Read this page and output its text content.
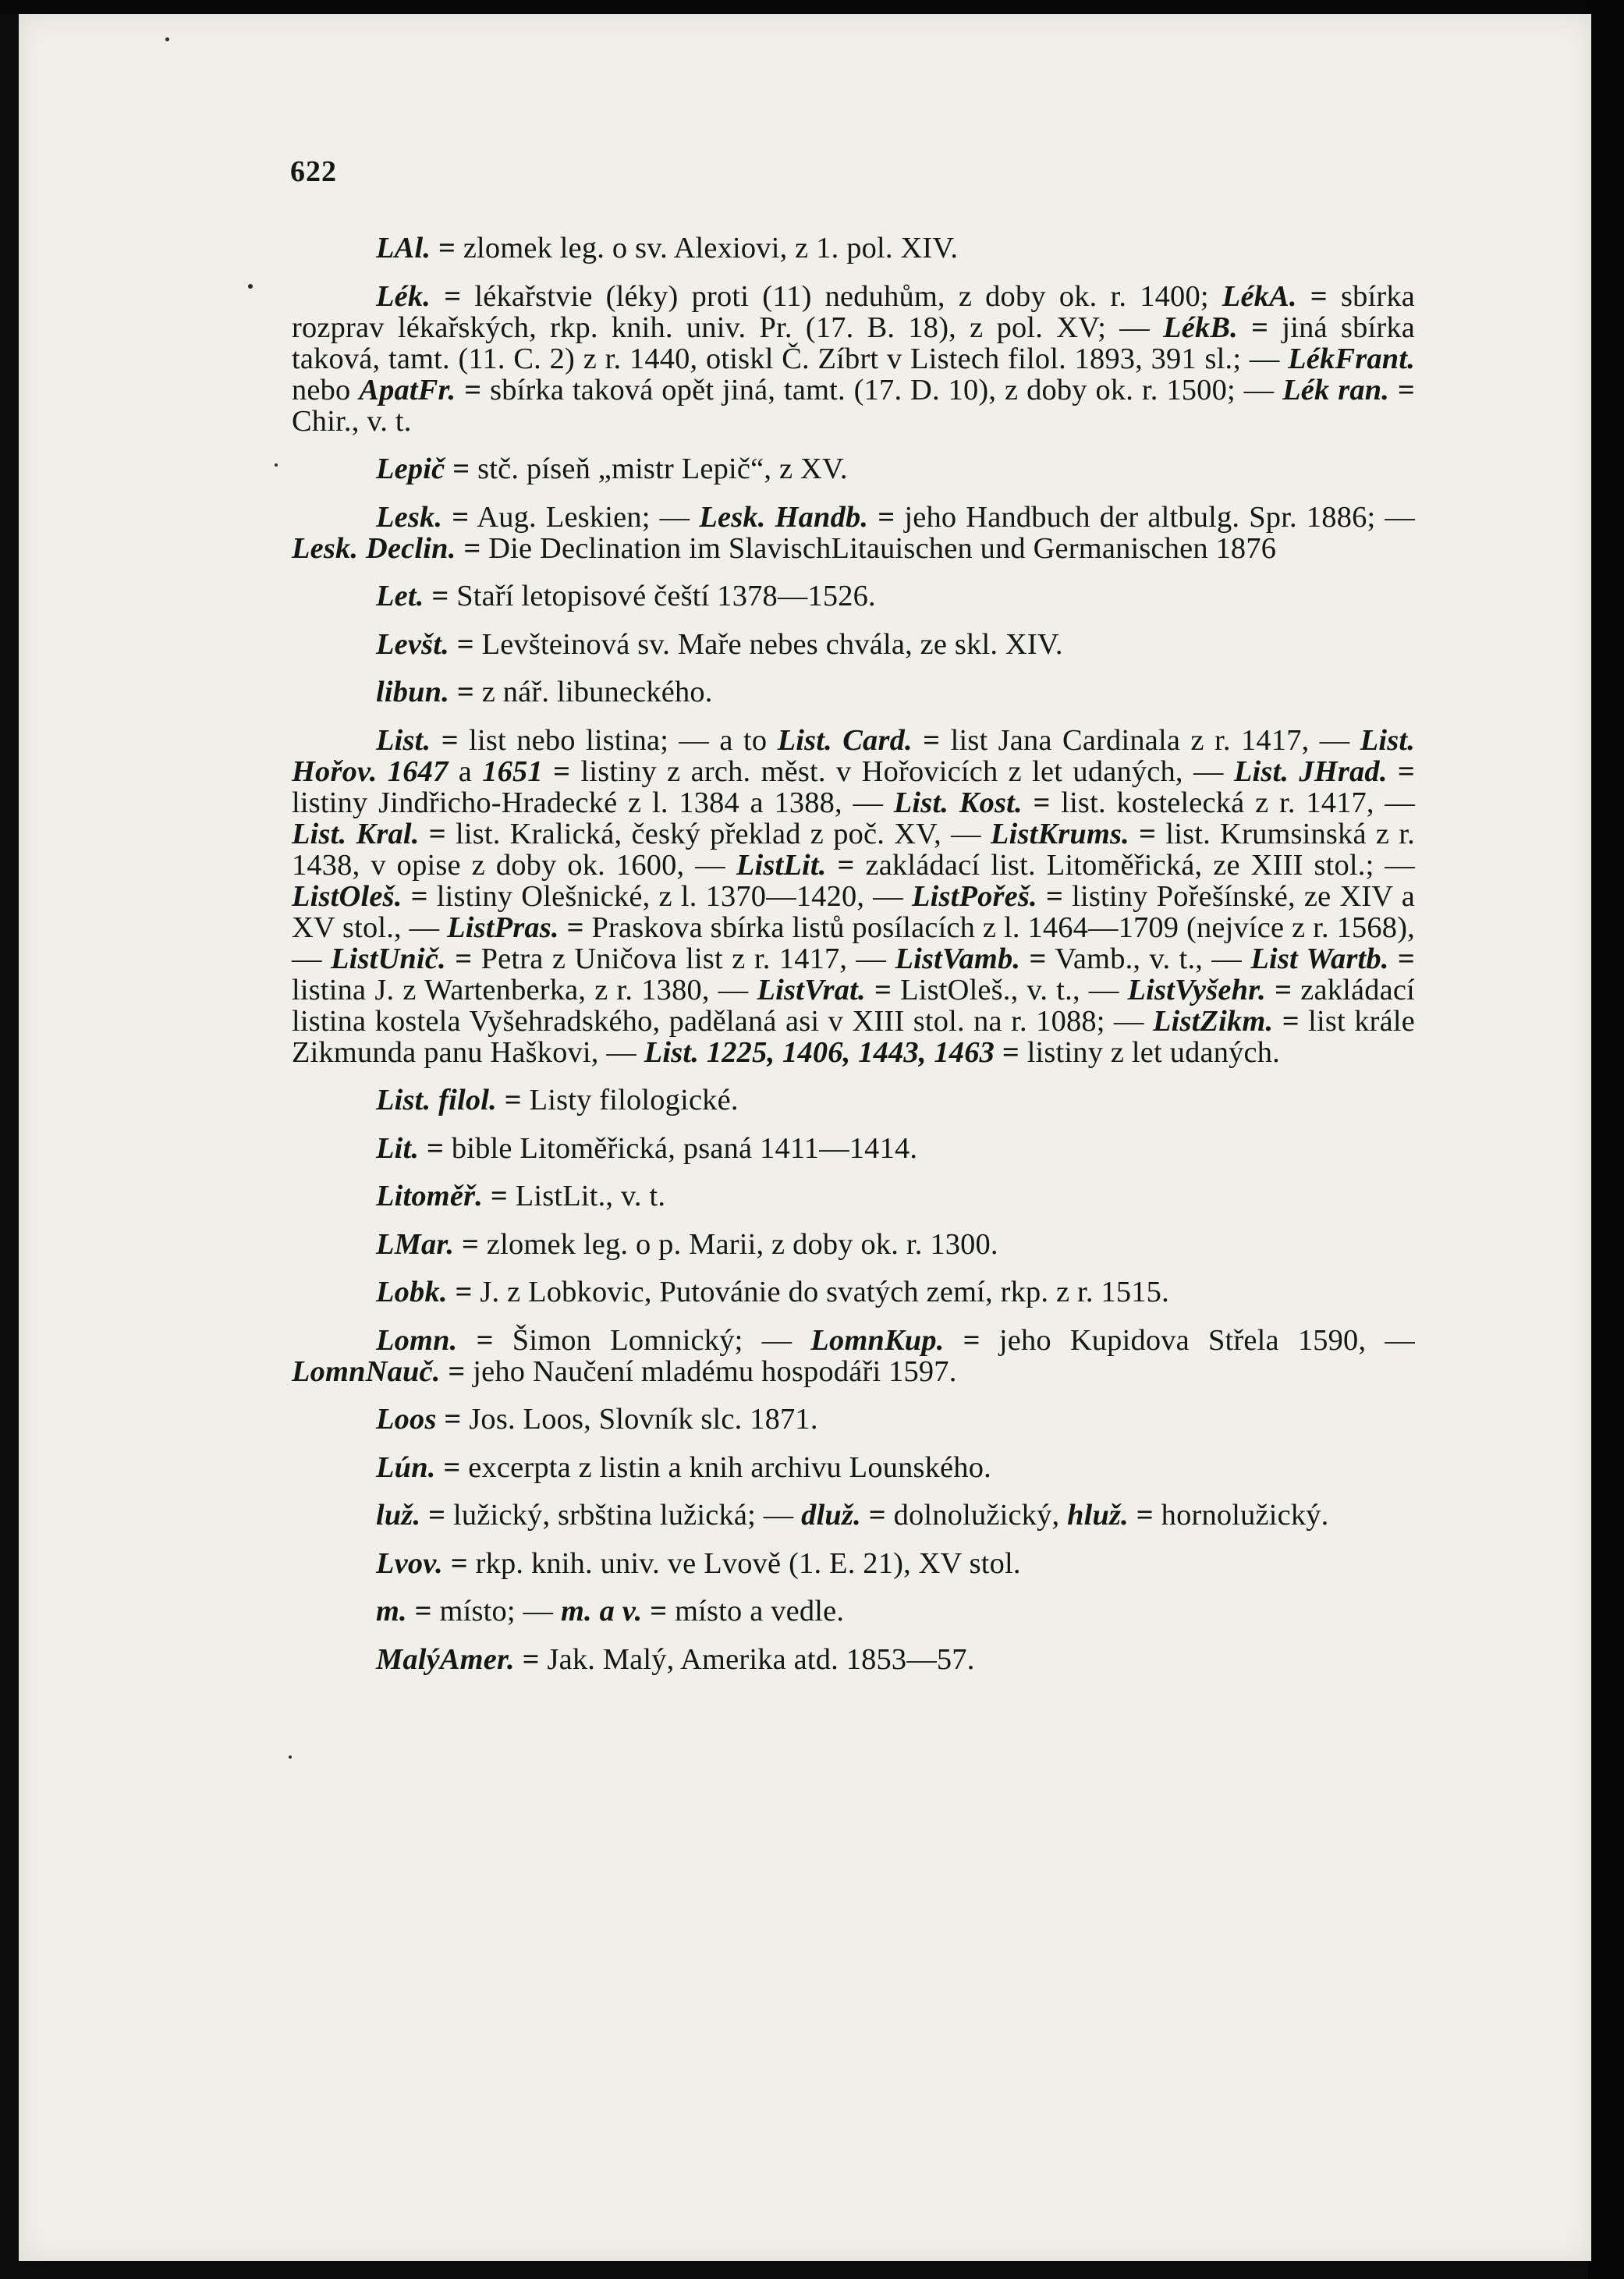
622

LAl. = zlomek leg. o sv. Alexiovi, z 1. pol. XIV.

Lék. = lékařstvie (léky) proti (11) neduhům, z doby ok. r. 1400; LékA. = sbírka rozprav lékařských, rkp. knih. univ. Pr. (17. B. 18), z pol. XV; — LékB. = jiná sbírka taková, tamt. (11. C. 2) z r. 1440, otiskl Č. Zíbrt v Listech filol. 1893, 391 sl.; — LékFrant. nebo ApatFr. = sbírka taková opět jiná, tamt. (17. D. 10), z doby ok. r. 1500; — Lék ran. = Chir., v. t.

Lepič = stč. píseň „mistr Lepič“, z XV.

Lesk. = Aug. Leskien; — Lesk. Handb. = jeho Handbuch der altbulg. Spr. 1886; — Lesk. Declin. = Die Declination im SlavischLitauischen und Germanischen 1876

Let. = Staří letopisové čeští 1378—1526.

Levšt. = Levšteinová sv. Maře nebes chvála, ze skl. XIV.

libun. = z nář. libuneckého.

List. = list nebo listina; — a to List. Card. = list Jana Cardinala z r. 1417, — List. Hořov. 1647 a 1651 = listiny z arch. měst. v Hořovicích z let udaných, — List. JHrad. = listiny Jindřicho-Hradecké z l. 1384 a 1388, — List. Kost. = list. kostelecká z r. 1417, — List. Kral. = list. Kralická, český překlad z poč. XV, — ListKrums. = list. Krumsinská z r. 1438, v opise z doby ok. 1600, — ListLit. = zakládací list. Litoměřická, ze XIII stol.; — ListOleš. = listiny Olešnické, z l. 1370—1420, — ListPořeš. = listiny Pořešínské, ze XIV a XV stol., — ListPras. = Praskova sbírka listů posílacích z l. 1464—1709 (nejvíce z r. 1568), — ListUnič. = Petra z Uničova list z r. 1417, — ListVamb. = Vamb., v. t., — List Wartb. = listina J. z Wartenberka, z r. 1380, — ListVrat. = ListOleš., v. t., — ListVyšehr. = zakládací listina kostela Vyšehradského, padělaná asi v XIII stol. na r. 1088; — ListZikm. = list krále Zikmunda panu Haškovi, — List. 1225, 1406, 1443, 1463 = listiny z let udaných.

List. filol. = Listy filologické.

Lit. = bible Litoměřická, psaná 1411—1414.

Litoměř. = ListLit., v. t.

LMar. = zlomek leg. o p. Marii, z doby ok. r. 1300.

Lobk. = J. z Lobkovic, Putovánie do svatých zemí, rkp. z r. 1515.

Lomn. = Šimon Lomnický; — LomnKup. = jeho Kupidova Střela 1590, — LomnNauč. = jeho Naučení mladému hospodáři 1597.

Loos = Jos. Loos, Slovník slc. 1871.

Lún. = excerpta z listin a knih archivu Lounského.

luž. = lužický, srbština lužická; — dluž. = dolnolužický, hluž. = hornolužický.

Lvov. = rkp. knih. univ. ve Lvově (1. E. 21), XV stol.

m. = místo; — m. a v. = místo a vedle.

MalýAmer. = Jak. Malý, Amerika atd. 1853—57.
